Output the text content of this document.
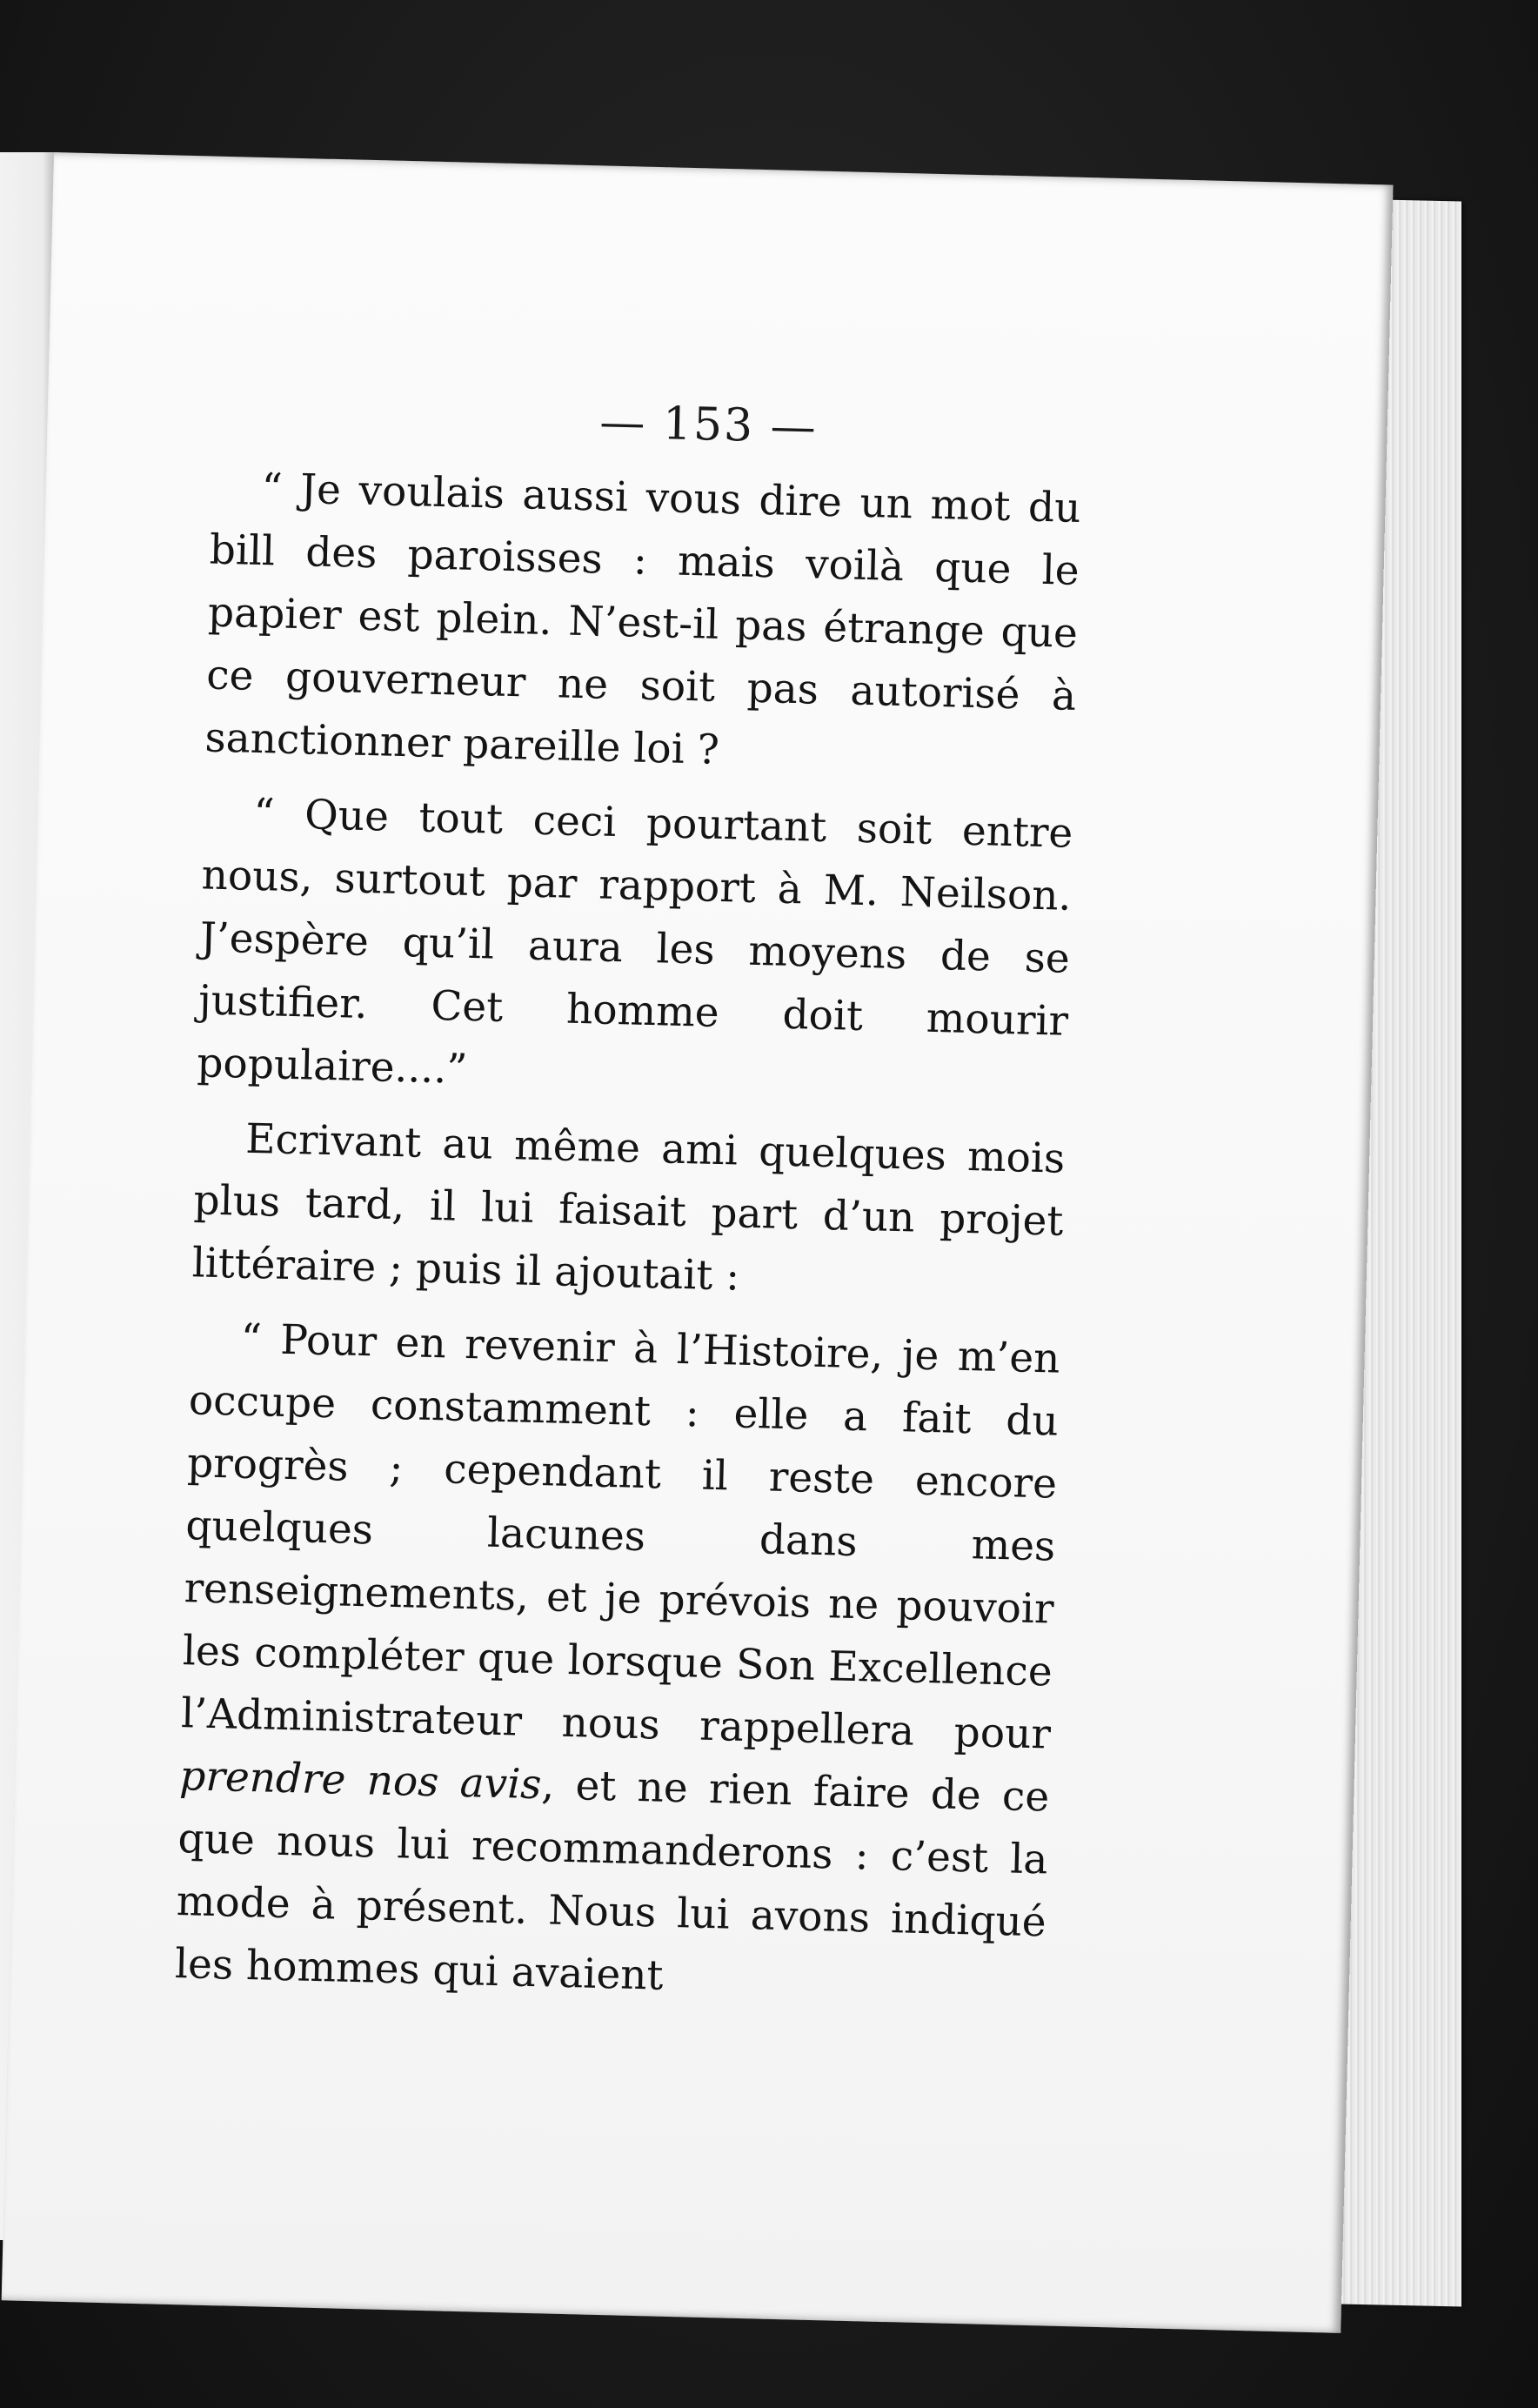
— 153 —

“ Je voulais aussi vous dire un mot du bill des paroisses : mais voilà que le papier est plein. N’est-il pas étrange que ce gouverneur ne soit pas autorisé à sanctionner pareille loi ?

“ Que tout ceci pourtant soit entre nous, surtout par rapport à M. Neilson. J’espère qu’il aura les moyens de se justifier. Cet homme doit mourir populaire....”

Ecrivant au même ami quelques mois plus tard, il lui faisait part d’un projet littéraire ; puis il ajoutait :

“ Pour en revenir à l’Histoire, je m’en occupe constamment : elle a fait du progrès ; cependant il reste encore quelques lacunes dans mes renseignements, et je prévois ne pouvoir les compléter que lorsque Son Excellence l’Administrateur nous rappellera pour prendre nos avis, et ne rien faire de ce que nous lui recommanderons : c’est la mode à présent. Nous lui avons indiqué les hommes qui avaient
